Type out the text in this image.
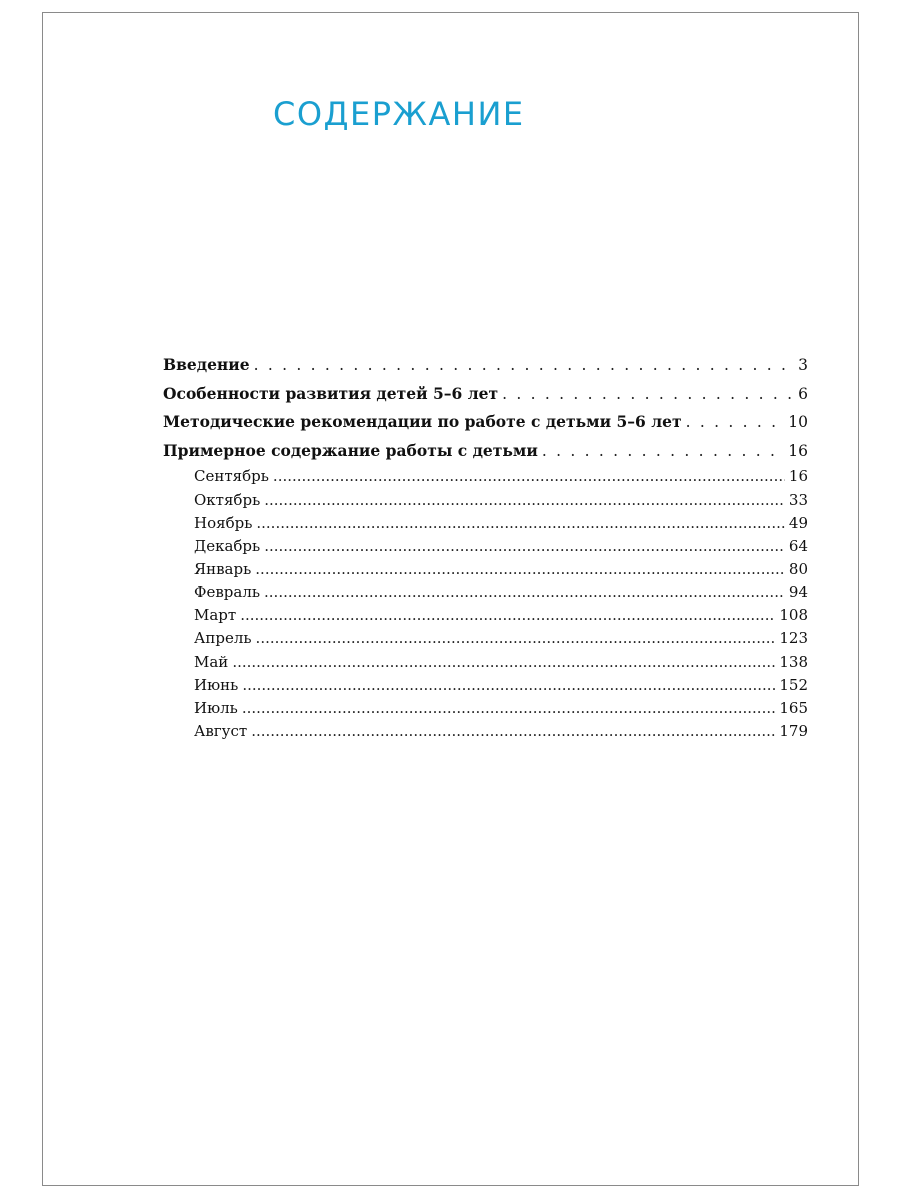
СОДЕРЖАНИЕ
Введение . . .	3
Особенности развития детей 5–6 лет . . .	6
Методические рекомендации по работе с детьми 5–6 лет . . .	10
Примерное содержание работы с детьми . . .	16
Сентябрь .....	16
Октябрь .....	33
Ноябрь .....	49
Декабрь .....	64
Январь .....	80
Февраль .....	94
Март .....	108
Апрель .....	123
Май .....	138
Июнь .....	152
Июль .....	165
Август .....	179
